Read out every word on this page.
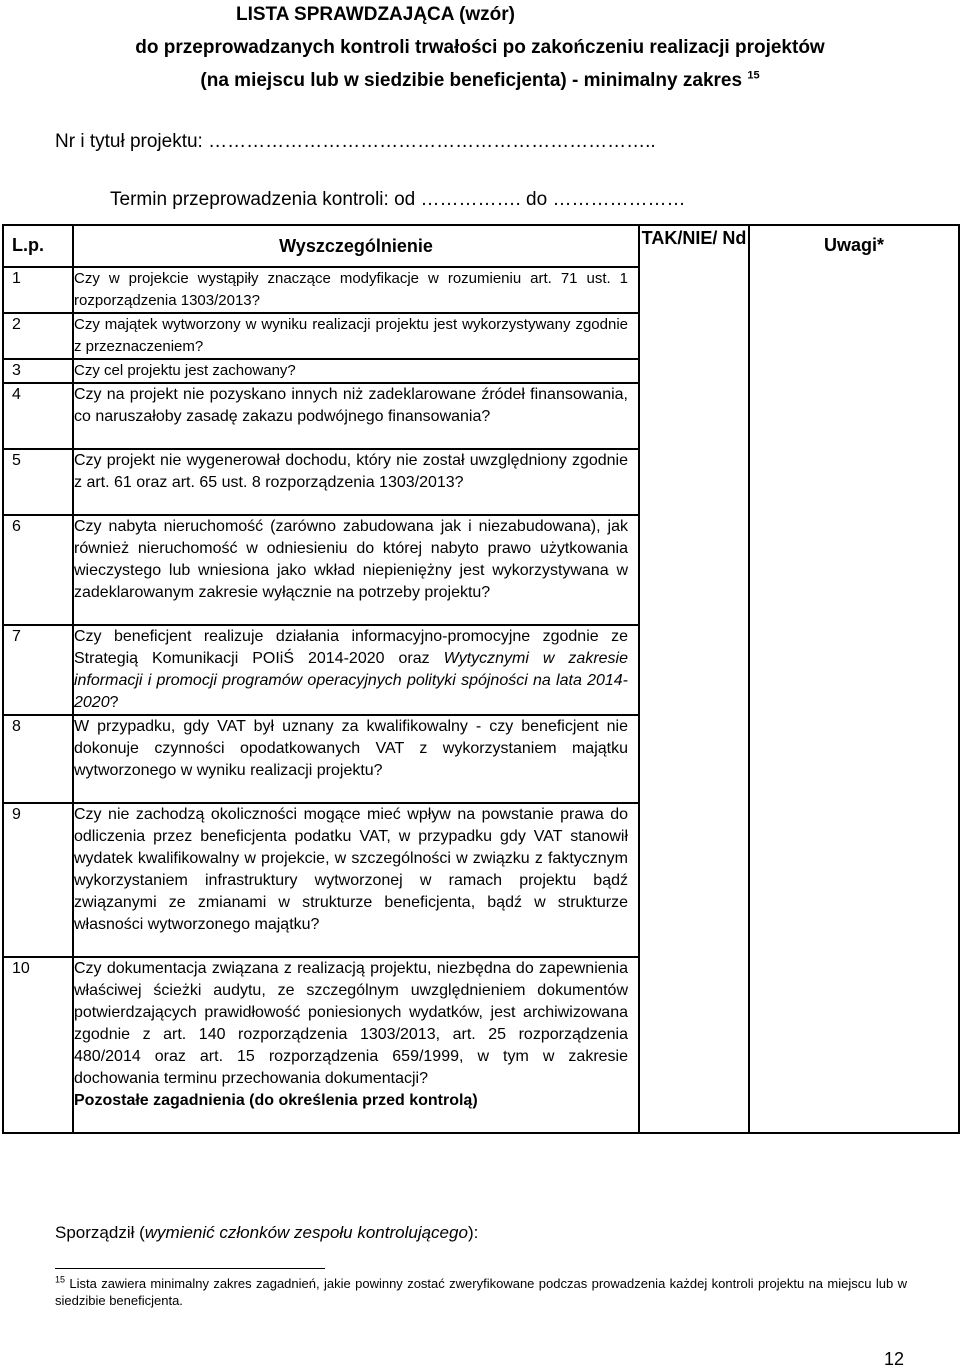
LISTA SPRAWDZAJĄCA (wzór)
do przeprowadzanych kontroli trwałości po zakończeniu realizacji projektów
(na miejscu lub w siedzibie beneficjenta) - minimalny zakres $^{15}$
Nr i tytuł projektu: ……………………………………………………………..
Termin przeprowadzenia kontroli: od ……………. do …………………
L.p.	Wyszczególnienie	TAK/NIE/ Nd	Uwagi*
1	Czy w projekcie wystąpiły znaczące modyfikacje w rozumieniu art. 71 ust. 1 rozporządzenia 1303/2013?		
2	Czy majątek wytworzony w wyniku realizacji projektu jest wykorzystywany zgodnie z przeznaczeniem?		
3	Czy cel projektu jest zachowany?		
4	Czy na projekt nie pozyskano innych niż zadeklarowane źródeł finansowania, co naruszałoby zasadę zakazu podwójnego finansowania?		
5	Czy projekt nie wygenerował dochodu, który nie został uwzględniony zgodnie z art. 61 oraz art. 65 ust. 8 rozporządzenia 1303/2013?		
6	Czy nabyta nieruchomość (zarówno zabudowana jak i niezabudowana), jak również nieruchomość w odniesieniu do której nabyto prawo użytkowania wieczystego lub wniesiona jako wkład niepieniężny jest wykorzystywana w zadeklarowanym zakresie wyłącznie na potrzeby projektu?		
7	Czy beneficjent realizuje działania informacyjno-promocyjne zgodnie ze Strategią Komunikacji POIiŚ 2014-2020 oraz Wytycznymi w zakresie informacji i promocji programów operacyjnych polityki spójności na lata 2014-2020?		
8	W przypadku, gdy VAT był uznany za kwalifikowalny - czy beneficjent nie dokonuje czynności opodatkowanych VAT z wykorzystaniem majątku wytworzonego w wyniku realizacji projektu?		
9	Czy nie zachodzą okoliczności mogące mieć wpływ na powstanie prawa do odliczenia przez beneficjenta podatku VAT, w przypadku gdy VAT stanowił wydatek kwalifikowalny w projekcie, w szczególności w związku z faktycznym wykorzystaniem infrastruktury wytworzonej w ramach projektu bądź związanymi ze zmianami w strukturze beneficjenta, bądź w strukturze własności wytworzonego majątku?		
10	Czy dokumentacja związana z realizacją projektu, niezbędna do zapewnienia właściwej ścieżki audytu, ze szczególnym uwzględnieniem dokumentów potwierdzających prawidłowość poniesionych wydatków, jest archiwizowana zgodnie z art. 140 rozporządzenia 1303/2013, art. 25 rozporządzenia 480/2014 oraz art. 15 rozporządzenia 659/1999, w tym w zakresie dochowania terminu przechowania dokumentacji?
Pozostałe zagadnienia (do określenia przed kontrolą)		
Sporządził (wymienić członków zespołu kontrolującego):
$^{15}$ Lista zawiera minimalny zakres zagadnień, jakie powinny zostać zweryfikowane podczas prowadzenia każdej kontroli projektu na miejscu lub w siedzibie beneficjenta.
12
